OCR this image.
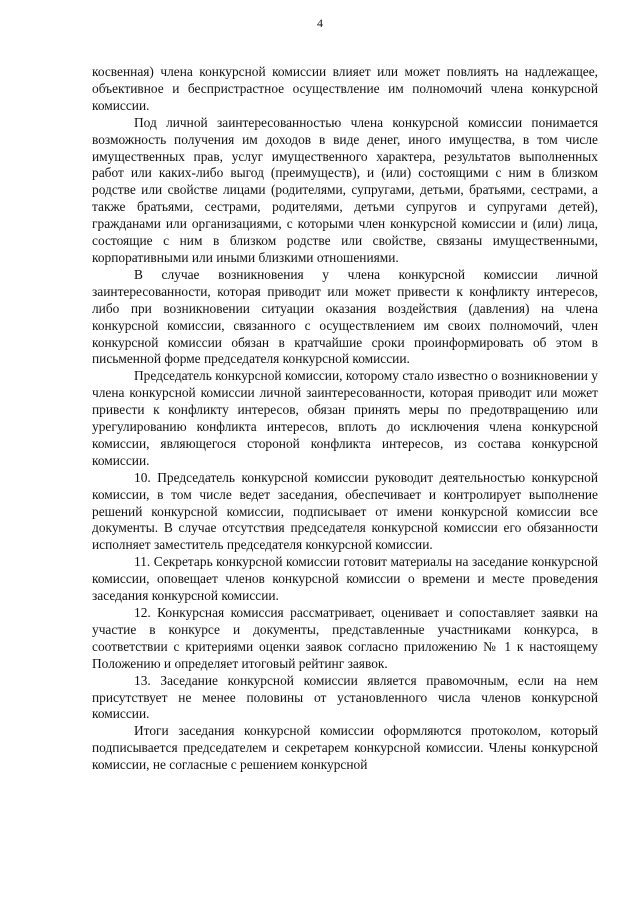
4

косвенная) члена конкурсной комиссии влияет или может повлиять на надлежащее, объективное и беспристрастное осуществление им полномочий члена конкурсной комиссии.

Под личной заинтересованностью члена конкурсной комиссии понимается возможность получения им доходов в виде денег, иного имущества, в том числе имущественных прав, услуг имущественного характера, результатов выполненных работ или каких-либо выгод (преимуществ), и (или) состоящими с ним в близком родстве или свойстве лицами (родителями, супругами, детьми, братьями, сестрами, а также братьями, сестрами, родителями, детьми супругов и супругами детей), гражданами или организациями, с которыми член конкурсной комиссии и (или) лица, состоящие с ним в близком родстве или свойстве, связаны имущественными, корпоративными или иными близкими отношениями.

В случае возникновения у члена конкурсной комиссии личной заинтересованности, которая приводит или может привести к конфликту интересов, либо при возникновении ситуации оказания воздействия (давления) на члена конкурсной комиссии, связанного с осуществлением им своих полномочий, член конкурсной комиссии обязан в кратчайшие сроки проинформировать об этом в письменной форме председателя конкурсной комиссии.

Председатель конкурсной комиссии, которому стало известно о возникновении у члена конкурсной комиссии личной заинтересованности, которая приводит или может привести к конфликту интересов, обязан принять меры по предотвращению или урегулированию конфликта интересов, вплоть до исключения члена конкурсной комиссии, являющегося стороной конфликта интересов, из состава конкурсной комиссии.

10. Председатель конкурсной комиссии руководит деятельностью конкурсной комиссии, в том числе ведет заседания, обеспечивает и контролирует выполнение решений конкурсной комиссии, подписывает от имени конкурсной комиссии все документы. В случае отсутствия председателя конкурсной комиссии его обязанности исполняет заместитель председателя конкурсной комиссии.

11. Секретарь конкурсной комиссии готовит материалы на заседание конкурсной комиссии, оповещает членов конкурсной комиссии о времени и месте проведения заседания конкурсной комиссии.

12. Конкурсная комиссия рассматривает, оценивает и сопоставляет заявки на участие в конкурсе и документы, представленные участниками конкурса, в соответствии с критериями оценки заявок согласно приложению № 1 к настоящему Положению и определяет итоговый рейтинг заявок.

13. Заседание конкурсной комиссии является правомочным, если на нем присутствует не менее половины от установленного числа членов конкурсной комиссии.

Итоги заседания конкурсной комиссии оформляются протоколом, который подписывается председателем и секретарем конкурсной комиссии. Члены конкурсной комиссии, не согласные с решением конкурсной
